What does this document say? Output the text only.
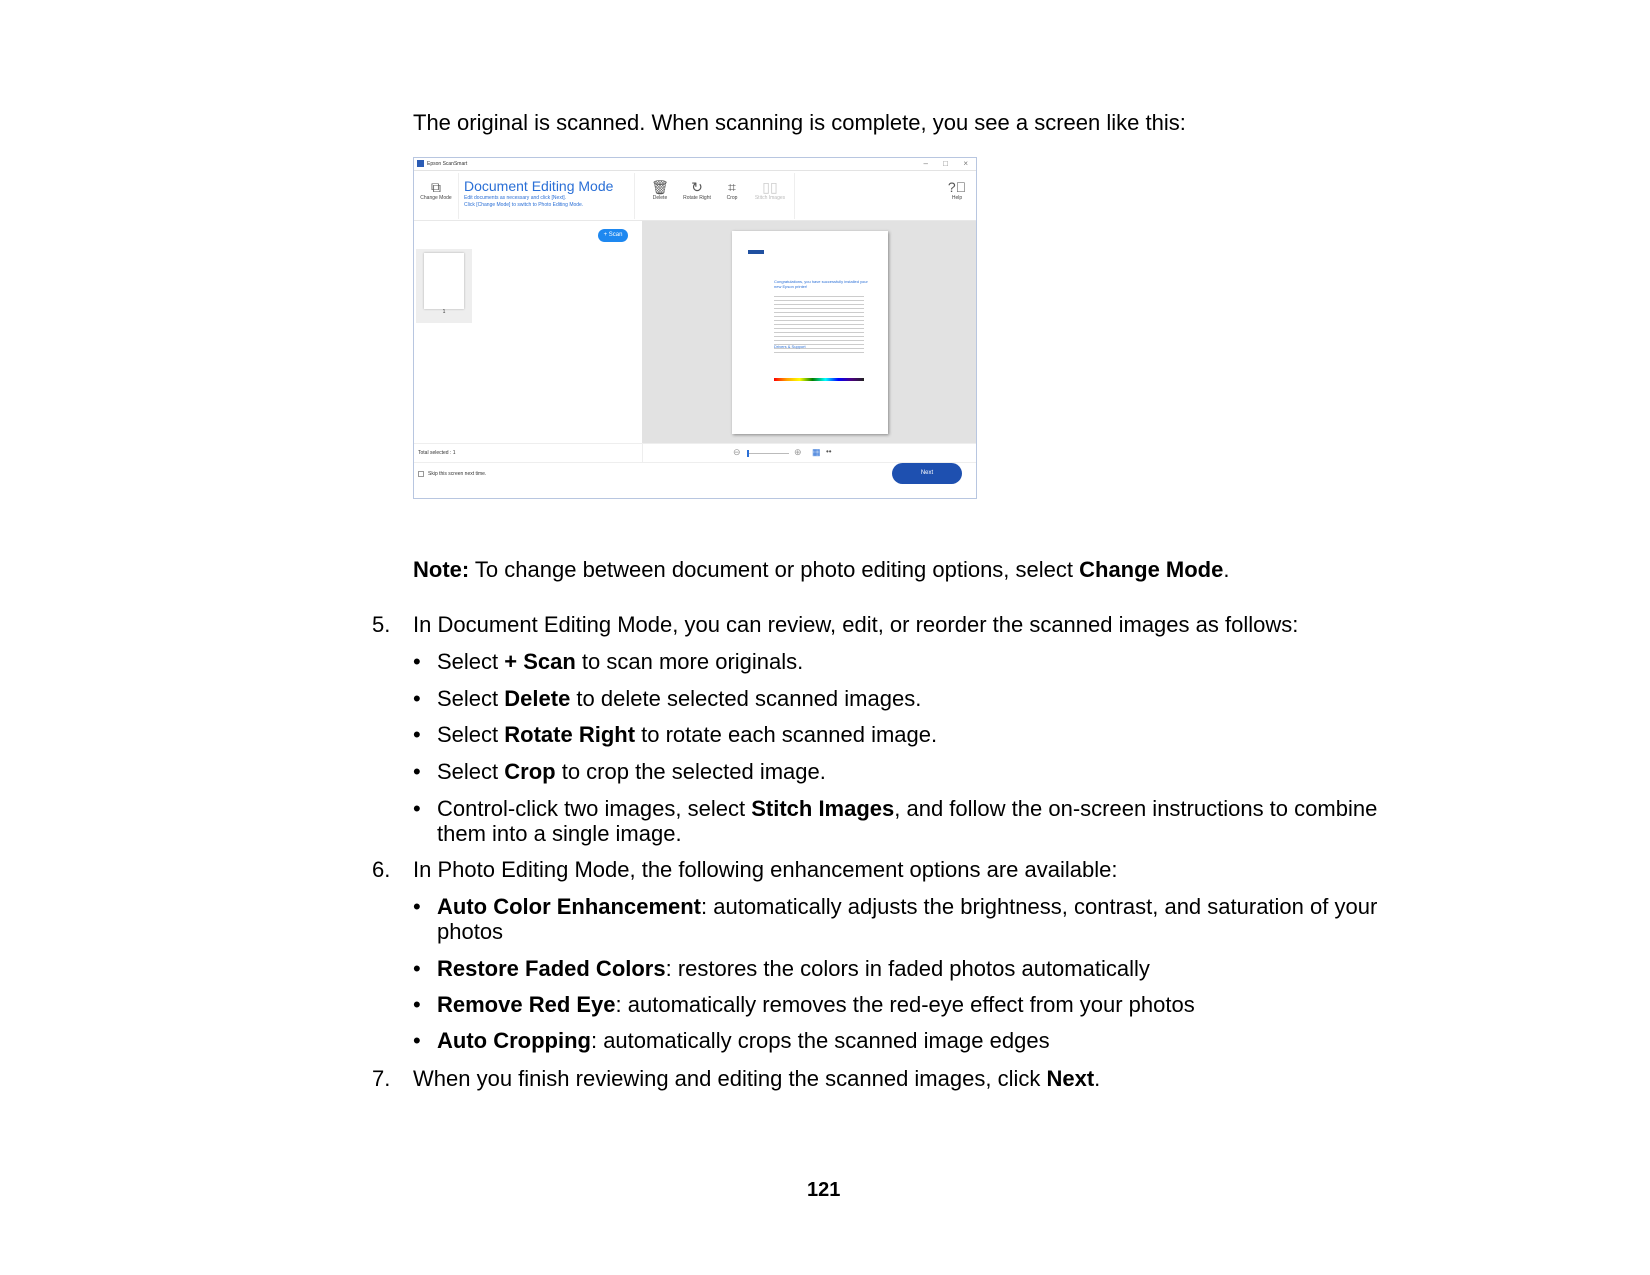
The original is scanned. When scanning is complete, you see a screen like this:
Epson ScanSmart	– □ ×
⧉
Change Mode
Document Editing Mode
Edit documents as necessary and click [Next].
Click [Change Mode] to switch to Photo Editing Mode.
🗑
Delete
↻
Rotate Right
⌗
Crop
▯▯
Stitch Images
?⃝
Help
+ Scan
1
Congratulations, you have successfully installed your new Epson printer!
Drivers & Support
Total selected : 1	⊖	⊕ ▦ ••
Skip this screen next time.	Next
Note: To change between document or photo editing options, select Change Mode.
5. In Document Editing Mode, you can review, edit, or reorder the scanned images as follows:
• Select + Scan to scan more originals.
• Select Delete to delete selected scanned images.
• Select Rotate Right to rotate each scanned image.
• Select Crop to crop the selected image.
• Control-click two images, select Stitch Images, and follow the on-screen instructions to combine
them into a single image.
6. In Photo Editing Mode, the following enhancement options are available:
• Auto Color Enhancement: automatically adjusts the brightness, contrast, and saturation of your
photos
• Restore Faded Colors: restores the colors in faded photos automatically
• Remove Red Eye: automatically removes the red-eye effect from your photos
• Auto Cropping: automatically crops the scanned image edges
7. When you finish reviewing and editing the scanned images, click Next.
121
